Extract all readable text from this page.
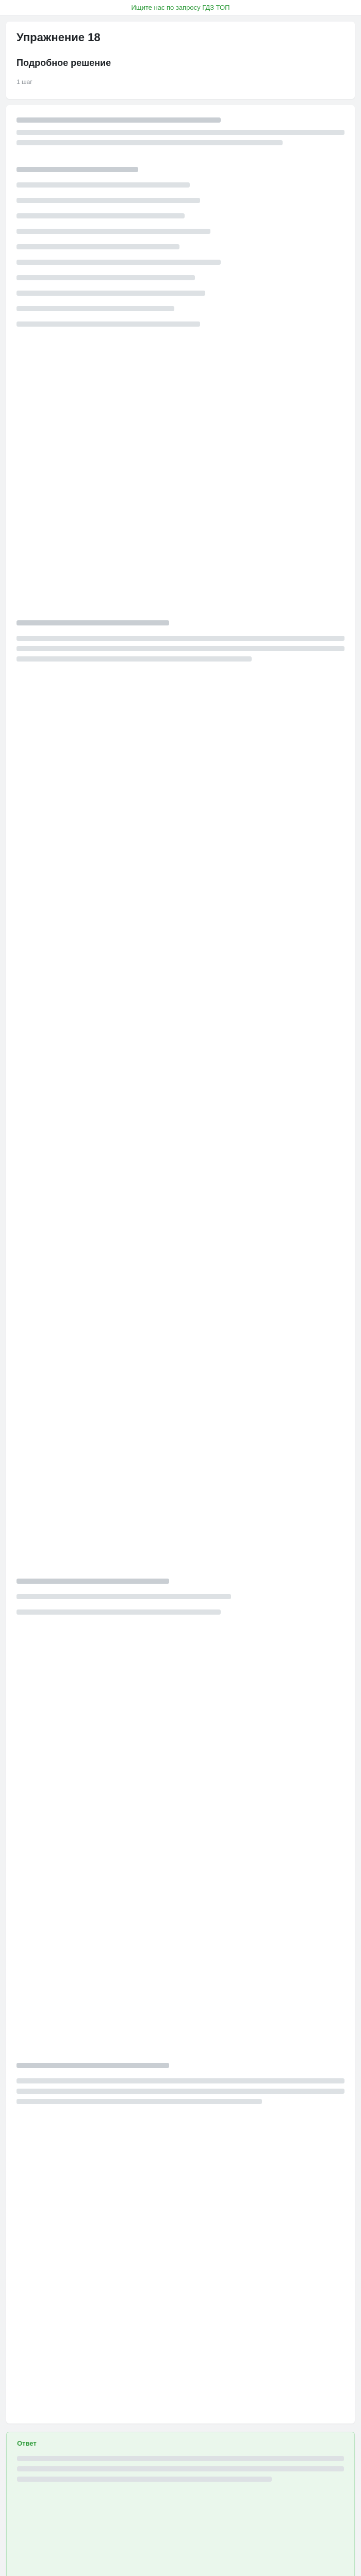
Ищите нас по запросу ГДЗ ТОП
Упражнение 18
Подробное решение
1 шаг
Ответ
